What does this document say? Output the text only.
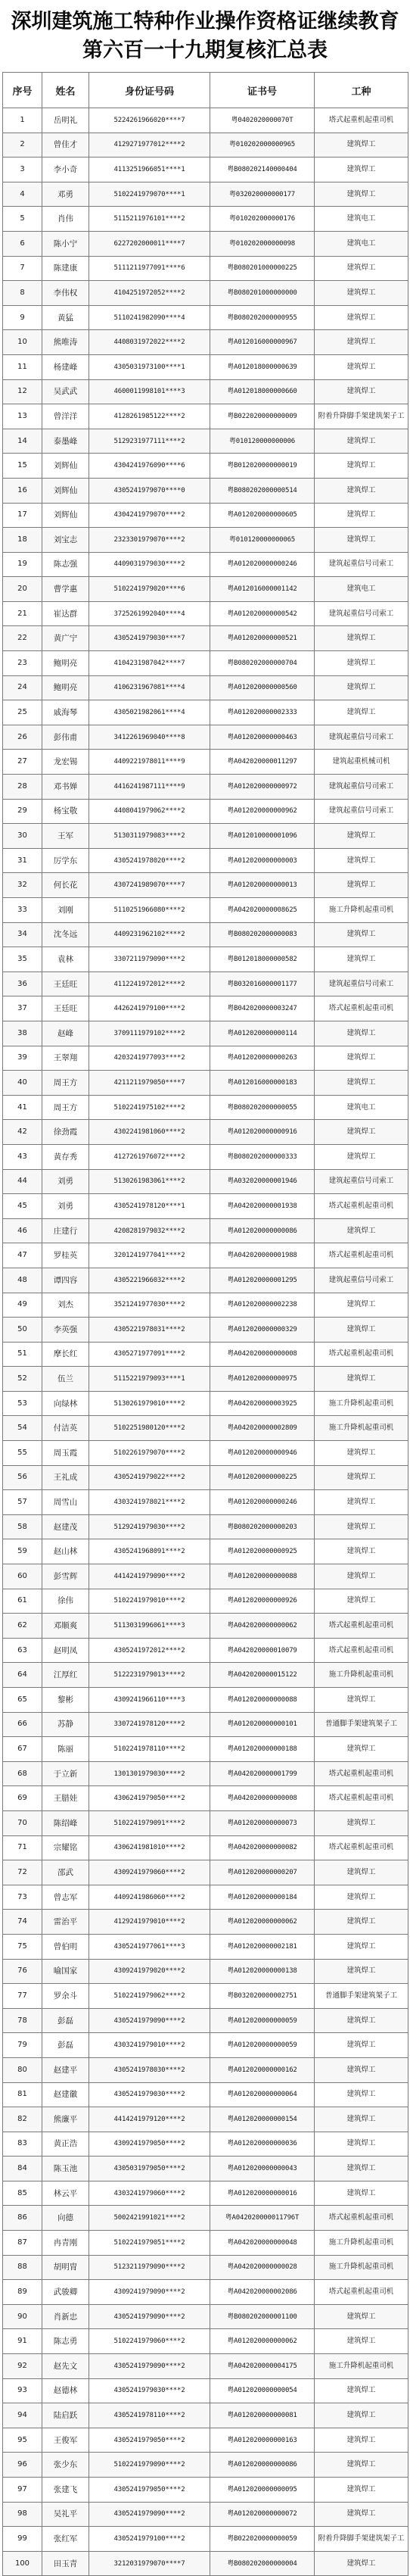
深圳建筑施工特种作业操作资格证继续教育
第六百一十九期复核汇总表
序号	姓名	身份证号码	证书号	工种
1	岳明礼	5224261966020****7	粤0402020000070T	塔式起重机起重司机
2	曾佳才	4129271977012****2	粤010202000000965	建筑焊工
3	李小奇	4113251966051****1	粤B080202140000404	建筑焊工
4	邓勇	5102241979070****1	粤032020000000177	建筑焊工
5	肖伟	5115211976101****2	粤010202000000176	建筑电工
6	陈小宁	6227202000011****7	粤010202000000098	建筑电工
7	陈建康	5111211977091****6	粤B080201000000225	建筑焊工
8	李伟权	4104251972052****2	粤B080201000000000	建筑焊工
9	黄猛	5110241982090****4	粤B080202000000955	建筑焊工
10	熊唯涛	4408031972022****2	粤A012016000000967	建筑焊工
11	杨建峰	4305031973100****1	粤A012018000000639	建筑焊工
12	吴武武	4600011998101****3	粤A012018000000660	建筑焊工
13	曾洋洋	4128261985122****2	粤B022020000000009	附着升降脚手架建筑架子工
14	泰墨峰	5129231977111****2	粤010120000000006	建筑焊工
15	刘辉仙	4304241976090****6	粤B012020000000019	建筑焊工
16	刘辉仙	4305241979070****0	粤B080202000000514	建筑焊工
17	刘辉仙	4304241979070****2	粤A012020000000605	建筑焊工
18	刘宝志	2323301979070****2	粤010120000000065	建筑焊工
19	陈志强	4409031979030****2	粤A012020000000246	建筑起重信号司索工
20	曹学惠	5102241979020****6	粤A012016000001142	建筑电工
21	崔达群	3725261992040****4	粤A012020000000542	建筑起重信号司索工
22	黄广宁	4305241979030****7	粤A012020000000521	建筑焊工
23	鲍明亮	4104231987042****7	粤B080202000000704	建筑焊工
24	鲍明亮	4106231967081****4	粤A012020000000560	建筑焊工
25	戚海琴	4305021982061****4	粤A012020000002333	建筑焊工
26	彭伟甫	3412261969040****8	粤A012020000000463	建筑起重信号司索工
27	龙宏锡	4409221978011****9	粤A042020000011297	建筑起重机械司机
28	邓书婵	4416241987111****9	粤A012020000000972	建筑起重信号司索工
29	杨宝敬	4408041979062****2	粤A012020000000962	建筑起重信号司索工
30	王军	5130311979083****2	粤A012010000001096	建筑焊工
31	厉学东	4305241978020****2	粤A012020000000003	建筑焊工
32	何长花	4307241989070****7	粤A012020000000013	建筑焊工
33	刘刚	5110251966080****2	粤A042020000008625	施工升降机起重司机
34	沈冬远	4409231962102****2	粤B080202000000083	建筑焊工
35	袁林	3307211979090****2	粤B012018000000582	建筑焊工
36	王廷旺	4112241972012****2	粤B032016000001177	建筑起重信号司索工
37	王廷旺	4426241979100****2	粤B042020000003247	塔式起重机起重司机
38	赵峰	3709111979102****2	粤A012020000000114	建筑焊工
39	王翠翔	4203241977093****2	粤A012020000000263	建筑焊工
40	周王方	4211211979050****7	粤A012016000000183	建筑焊工
41	周王方	5102241975102****2	粤B080202000000055	建筑电工
42	徐劲霞	4302241981060****2	粤A012020000000916	建筑焊工
43	黄存秀	4127261976072****2	粤B080202000000333	建筑焊工
44	刘勇	5130261983061****2	粤A032020000001946	建筑起重信号司索工
45	刘勇	4305241978120****1	粤A042020000001938	塔式起重机起重司机
46	庄建行	4208281979032****2	粤A012020000000086	建筑焊工
47	罗桂英	3201241977041****2	粤A042020000001988	塔式起重机起重司机
48	谭四容	4305221966032****2	粤A012020000001295	建筑起重信号司索工
49	刘杰	3521241977030****2	粤A012020000002238	建筑焊工
50	李英强	4305221978031****2	粤A012020000000329	建筑焊工
51	摩长红	4305271977091****2	粤A042020000000008	塔式起重机起重司机
52	伍兰	5115221979093****1	粤A012020000000975	建筑焊工
53	向绿林	5130261979010****2	粤A042020000003925	施工升降机起重司机
54	付洁英	5102251980120****2	粤A042020000002809	施工升降机起重司机
55	周玉霞	5102261979070****2	粤A012020000000946	建筑焊工
56	王礼成	4305241979022****2	粤A012020000000225	建筑焊工
57	周雪山	4303241978021****2	粤A012020000000246	建筑焊工
58	赵建茂	5129241979030****2	粤B080202000000203	建筑焊工
59	赵山林	4305241968091****2	粤A012020000000925	建筑焊工
60	彭雪辉	4414241979090****2	粤A012020000000088	建筑焊工
61	徐伟	5102241979010****2	粤A012020000000926	建筑焊工
62	邓顺爽	5113031996061****3	粤A042020000000062	塔式起重机起重司机
63	赵明凤	4305241972012****2	粤A042020000010079	塔式起重机起重司机
64	江厚红	5122231979013****2	粤A042020000015122	施工升降机起重司机
65	黎彬	4309241966110****3	粤A012020000000088	建筑焊工
66	苏静	3307241978120****2	粤A012020000000101	普通脚手架建筑架子工
67	陈丽	5102241978110****2	粤A012020000000188	建筑焊工
68	于立新	1301301979030****2	粤A042020000001799	塔式起重机起重司机
69	王腊娃	4306241979050****2	粤A042020000000008	塔式起重机起重司机
70	陈绍峰	5102241979091****2	粤A012020000000073	建筑焊工
71	宗耀铭	4306241981010****2	粤A042020000000082	塔式起重机起重司机
72	邵武	4309241979060****2	粤A012020000000207	建筑焊工
73	曾志军	4409241986060****2	粤A012020000000184	建筑焊工
74	雷治平	4129241979010****2	粤A012020000000062	建筑焊工
75	曾伯明	4305241977061****3	粤A012020000002181	建筑焊工
76	喻国家	4309241979020****2	粤A012020000000138	建筑焊工
77	罗余斗	5102241979062****2	粤B032020000002751	普通脚手架建筑架子工
78	彭磊	4305241979090****2	粤A012020000000059	建筑焊工
79	彭磊	4303241979010****2	粤A012020000000059	建筑焊工
80	赵建平	4305241978030****2	粤A012020000000162	建筑焊工
81	赵建徽	4305241979030****2	粤A012020000000064	建筑焊工
82	熊廉平	4414241979120****2	粤A012020000000154	建筑焊工
83	黄正浩	4309241979050****2	粤A012020000000036	建筑焊工
84	陈玉池	4305031979050****2	粤A012020000000043	建筑焊工
85	林云平	4303241979060****2	粤A012020000000016	建筑焊工
86	向德	5002421991021****2	粤A042020000011796T	塔式起重机起重司机
87	冉青刚	5102241979051****2	粤A042020000000048	施工升降机起重司机
88	胡明胄	5123211979090****2	粤A042020000000028	施工升降机起重司机
89	武骏卿	4309241979090****2	粤A042020000002086	塔式起重机起重司机
90	肖新忠	4305241979090****2	粤B080202000001100	建筑焊工
91	陈志勇	5102241979060****2	粤A012020000000062	建筑焊工
92	赵先文	4305241979090****2	粤A042020000004175	施工升降机起重司机
93	赵德林	4305241979030****2	粤A012020000000054	建筑焊工
94	陆启跃	4305241978110****2	粤A012020000000081	建筑焊工
95	王俊军	4305241979050****2	粤A012020000000163	建筑焊工
96	张少东	5102241979090****2	粤A012020000000086	建筑焊工
97	张建飞	4305241979050****2	粤A012020000000095	建筑焊工
98	吴礼平	4305241979090****2	粤A012020000000072	建筑焊工
99	张红军	4305241979100****2	粤B022020000000059	附着升降脚手架建筑架子工
100	田玉青	3212031979070****7	粤B080202000000004	建筑焊工
